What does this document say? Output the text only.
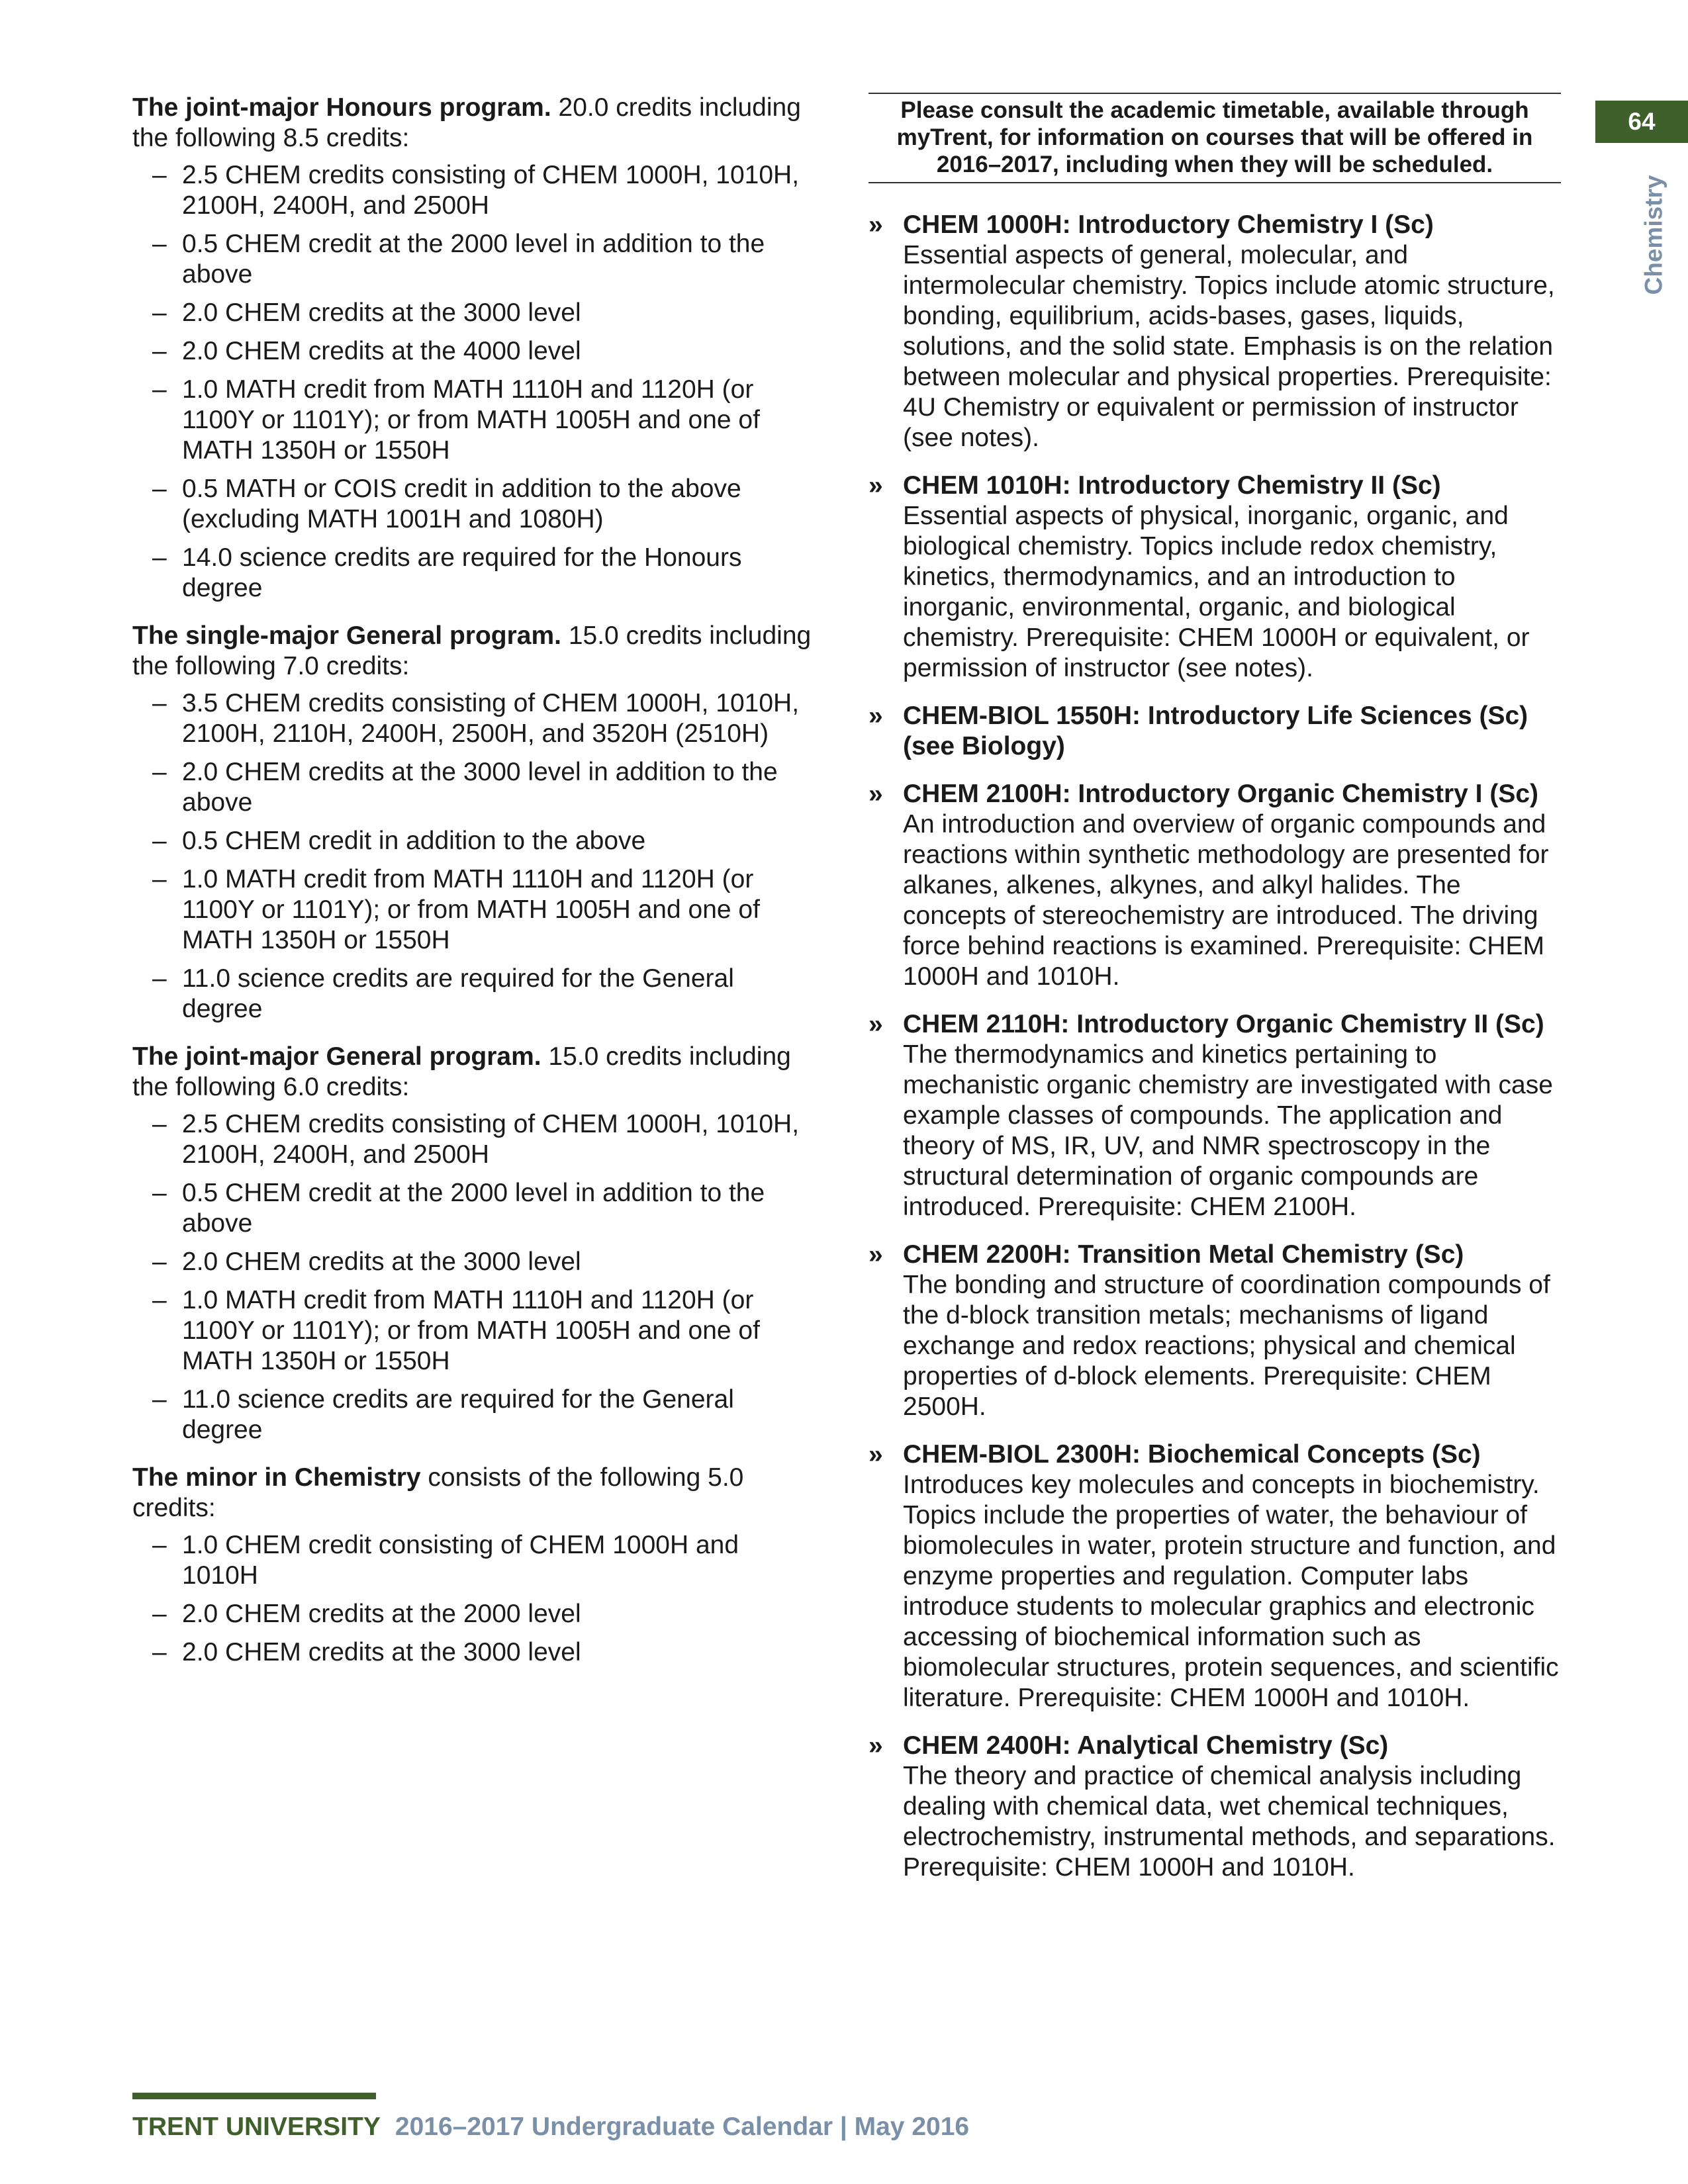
64
Chemistry

The joint-major Honours program. 20.0 credits including the following 8.5 credits:

– 2.5 CHEM credits consisting of CHEM 1000H, 1010H, 2100H, 2400H, and 2500H
– 0.5 CHEM credit at the 2000 level in addition to the above
– 2.0 CHEM credits at the 3000 level
– 2.0 CHEM credits at the 4000 level
– 1.0 MATH credit from MATH 1110H and 1120H (or 1100Y or 1101Y); or from MATH 1005H and one of MATH 1350H or 1550H
– 0.5 MATH or COIS credit in addition to the above (excluding MATH 1001H and 1080H)
– 14.0 science credits are required for the Honours degree

The single-major General program. 15.0 credits including the following 7.0 credits:

– 3.5 CHEM credits consisting of CHEM 1000H, 1010H, 2100H, 2110H, 2400H, 2500H, and 3520H (2510H)
– 2.0 CHEM credits at the 3000 level in addition to the above
– 0.5 CHEM credit in addition to the above
– 1.0 MATH credit from MATH 1110H and 1120H (or 1100Y or 1101Y); or from MATH 1005H and one of MATH 1350H or 1550H
– 11.0 science credits are required for the General degree

The joint-major General program. 15.0 credits including the following 6.0 credits:

– 2.5 CHEM credits consisting of CHEM 1000H, 1010H, 2100H, 2400H, and 2500H
– 0.5 CHEM credit at the 2000 level in addition to the above
– 2.0 CHEM credits at the 3000 level
– 1.0 MATH credit from MATH 1110H and 1120H (or 1100Y or 1101Y); or from MATH 1005H and one of MATH 1350H or 1550H
– 11.0 science credits are required for the General degree

The minor in Chemistry consists of the following 5.0 credits:

– 1.0 CHEM credit consisting of CHEM 1000H and 1010H
– 2.0 CHEM credits at the 2000 level
– 2.0 CHEM credits at the 3000 level
Please consult the academic timetable, available through myTrent, for information on courses that will be offered in 2016–2017, including when they will be scheduled.
» CHEM 1000H: Introductory Chemistry I (Sc)

Essential aspects of general, molecular, and intermolecular chemistry. Topics include atomic structure, bonding, equilibrium, acids-bases, gases, liquids, solutions, and the solid state. Emphasis is on the relation between molecular and physical properties. Prerequisite: 4U Chemistry or equivalent or permission of instructor (see notes).

» CHEM 1010H: Introductory Chemistry II (Sc)

Essential aspects of physical, inorganic, organic, and biological chemistry. Topics include redox chemistry, kinetics, thermodynamics, and an introduction to inorganic, environmental, organic, and biological chemistry. Prerequisite: CHEM 1000H or equivalent, or permission of instructor (see notes).

» CHEM-BIOL 1550H: Introductory Life Sciences (Sc) (see Biology)
» CHEM 2100H: Introductory Organic Chemistry I (Sc)

An introduction and overview of organic compounds and reactions within synthetic methodology are presented for alkanes, alkenes, alkynes, and alkyl halides. The concepts of stereochemistry are introduced. The driving force behind reactions is examined. Prerequisite: CHEM 1000H and 1010H.

» CHEM 2110H: Introductory Organic Chemistry II (Sc)

The thermodynamics and kinetics pertaining to mechanistic organic chemistry are investigated with case example classes of compounds. The application and theory of MS, IR, UV, and NMR spectroscopy in the structural determination of organic compounds are introduced. Prerequisite: CHEM 2100H.

» CHEM 2200H: Transition Metal Chemistry (Sc)

The bonding and structure of coordination compounds of the d-block transition metals; mechanisms of ligand exchange and redox reactions; physical and chemical properties of d-block elements. Prerequisite: CHEM 2500H.

» CHEM-BIOL 2300H: Biochemical Concepts (Sc)

Introduces key molecules and concepts in biochemistry. Topics include the properties of water, the behaviour of biomolecules in water, protein structure and function, and enzyme properties and regulation. Computer labs introduce students to molecular graphics and electronic accessing of biochemical information such as biomolecular structures, protein sequences, and scientific literature. Prerequisite: CHEM 1000H and 1010H.

» CHEM 2400H: Analytical Chemistry (Sc)

The theory and practice of chemical analysis including dealing with chemical data, wet chemical techniques, electrochemistry, instrumental methods, and separations. Prerequisite: CHEM 1000H and 1010H.

TRENT UNIVERSITY 2016–2017 Undergraduate Calendar | May 2016
